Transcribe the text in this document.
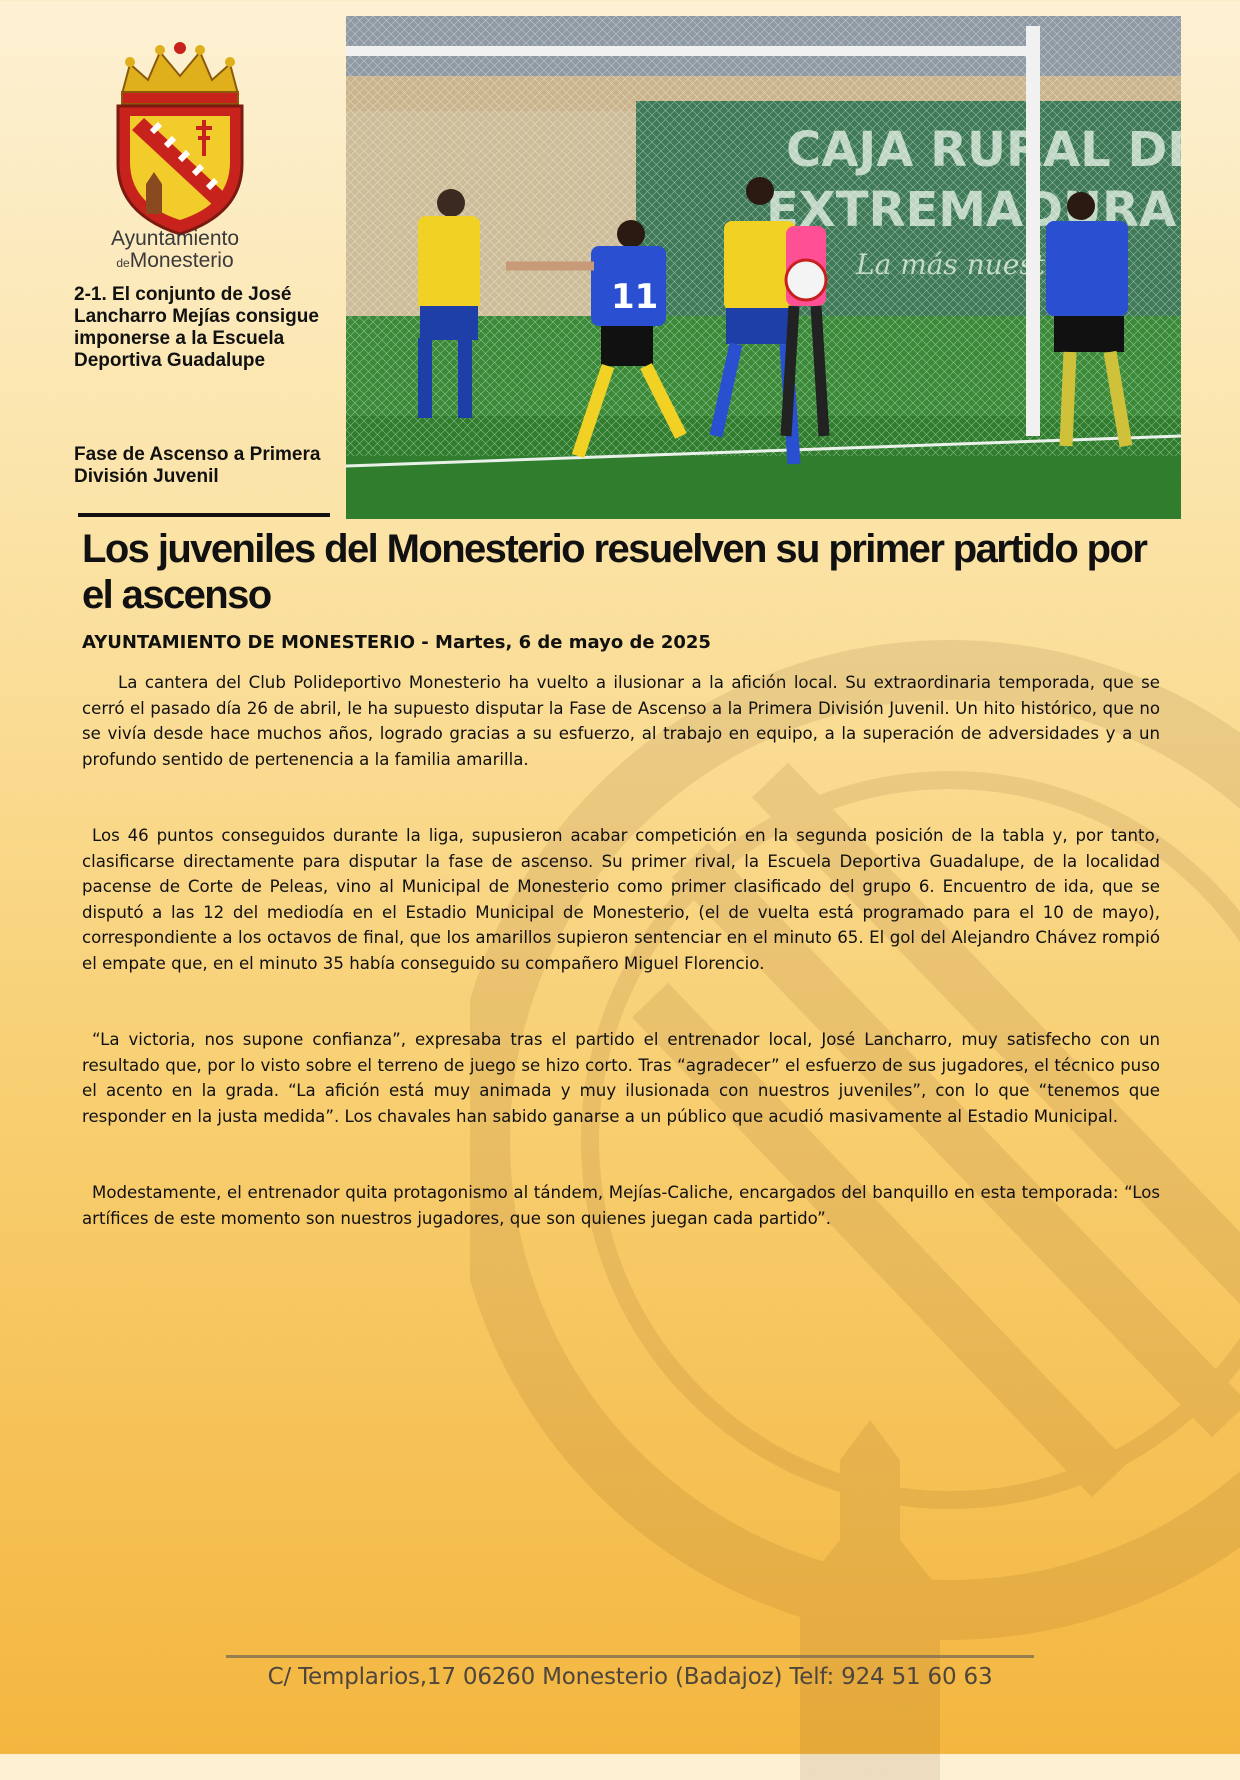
Ayuntamiento
deMonesterio

2-1. El conjunto de José Lancharro Mejías consigue imponerse a la Escuela Deportiva Guadalupe

Fase de Ascenso a Primera División Juvenil

11
Los juveniles del Monesterio resuelven su primer partido por el ascenso

AYUNTAMIENTO DE MONESTERIO - Martes, 6 de mayo de 2025

La cantera del Club Polideportivo Monesterio ha vuelto a ilusionar a la afición local. Su extraordinaria temporada, que se cerró el pasado día 26 de abril, le ha supuesto disputar la Fase de Ascenso a la Primera División Juvenil. Un hito histórico, que no se vivía desde hace muchos años, logrado gracias a su esfuerzo, al trabajo en equipo, a la superación de adversidades y a un profundo sentido de pertenencia a la familia amarilla.

Los 46 puntos conseguidos durante la liga, supusieron acabar competición en la segunda posición de la tabla y, por tanto, clasificarse directamente para disputar la fase de ascenso. Su primer rival, la Escuela Deportiva Guadalupe, de la localidad pacense de Corte de Peleas, vino al Municipal de Monesterio como primer clasificado del grupo 6. Encuentro de ida, que se disputó a las 12 del mediodía en el Estadio Municipal de Monesterio, (el de vuelta está programado para el 10 de mayo), correspondiente a los octavos de final, que los amarillos supieron sentenciar en el minuto 65. El gol del Alejandro Chávez rompió el empate que, en el minuto 35 había conseguido su compañero Miguel Florencio.

“La victoria, nos supone confianza”, expresaba tras el partido el entrenador local, José Lancharro, muy satisfecho con un resultado que, por lo visto sobre el terreno de juego se hizo corto. Tras “agradecer” el esfuerzo de sus jugadores, el técnico puso el acento en la grada. “La afición está muy animada y muy ilusionada con nuestros juveniles”, con lo que “tenemos que responder en la justa medida”. Los chavales han sabido ganarse a un público que acudió masivamente al Estadio Municipal.

Modestamente, el entrenador quita protagonismo al tándem, Mejías-Caliche, encargados del banquillo en esta temporada: “Los artífices de este momento son nuestros jugadores, que son quienes juegan cada partido”.

C/ Templarios,17 06260 Monesterio (Badajoz) Telf: 924 51 60 63
